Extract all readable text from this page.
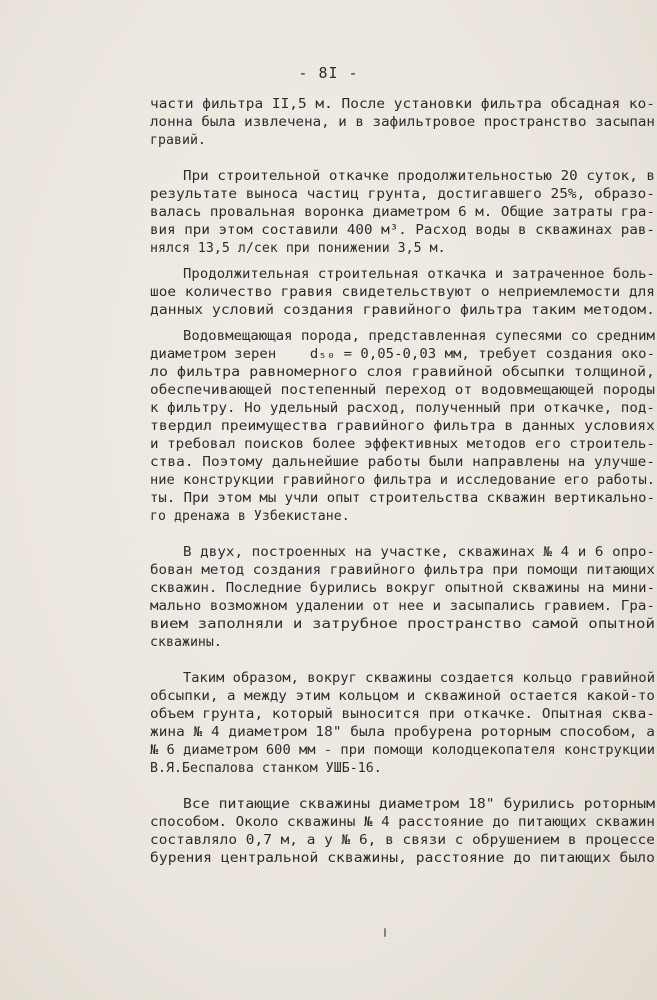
- 8I -
части фильтра II,5 м. После установки фильтра обсадная ко-
лонна была извлечена, и в зафильтровое пространство засыпан
гравий.
При строительной откачке продолжительностью 20 суток, в
результате выноса частиц грунта, достигавшего 25%, образо-
валась провальная воронка диаметром 6 м. Общие затраты гра-
вия при этом составили 400 м³. Расход воды в скважинах рав-
нялся 13,5 л/сек при понижении 3,5 м.
Продолжительная строительная откачка и затраченное боль-
шое количество гравия свидетельствуют о неприемлемости для
данных условий создания гравийного фильтра таким методом.
Водовмещающая порода, представленная супесями со средним
диаметром зерен    d₅₀ = 0,05-0,03 мм, требует создания око-
ло фильтра равномерного слоя гравийной обсыпки толщиной,
обеспечивающей постепенный переход от водовмещающей породы
к фильтру. Но удельный расход, полученный при откачке, под-
твердил преимущества гравийного фильтра в данных условиях
и требовал поисков более эффективных методов его строитель-
ства. Поэтому дальнейшие работы были направлены на улучше-
ние конструкции гравийного фильтра и исследование его работы.
ты. При этом мы учли опыт строительства скважин вертикально-
го дренажа в Узбекистане.
В двух, построенных на участке, скважинах № 4 и 6 опро-
бован метод создания гравийного фильтра при помощи питающих
скважин. Последние бурились вокруг опытной скважины на мини-
мально возможном удалении от нее и засыпались гравием. Гра-
вием заполняли и затрубное пространство самой опытной
скважины.
Таким образом, вокруг скважины создается кольцо гравийной
обсыпки, а между этим кольцом и скважиной остается какой-то
объем грунта, который выносится при откачке. Опытная сква-
жина № 4 диаметром 18" была пробурена роторным способом, а
№ 6 диаметром 600 мм - при помощи колодцекопателя конструкции
В.Я.Беспалова станком УШБ-16.
Все питающие скважины диаметром 18" бурились роторным
способом. Около скважины № 4 расстояние до питающих скважин
составляло 0,7 м, а у № 6, в связи с обрушением в процессе
бурения центральной скважины, расстояние до питающих было
